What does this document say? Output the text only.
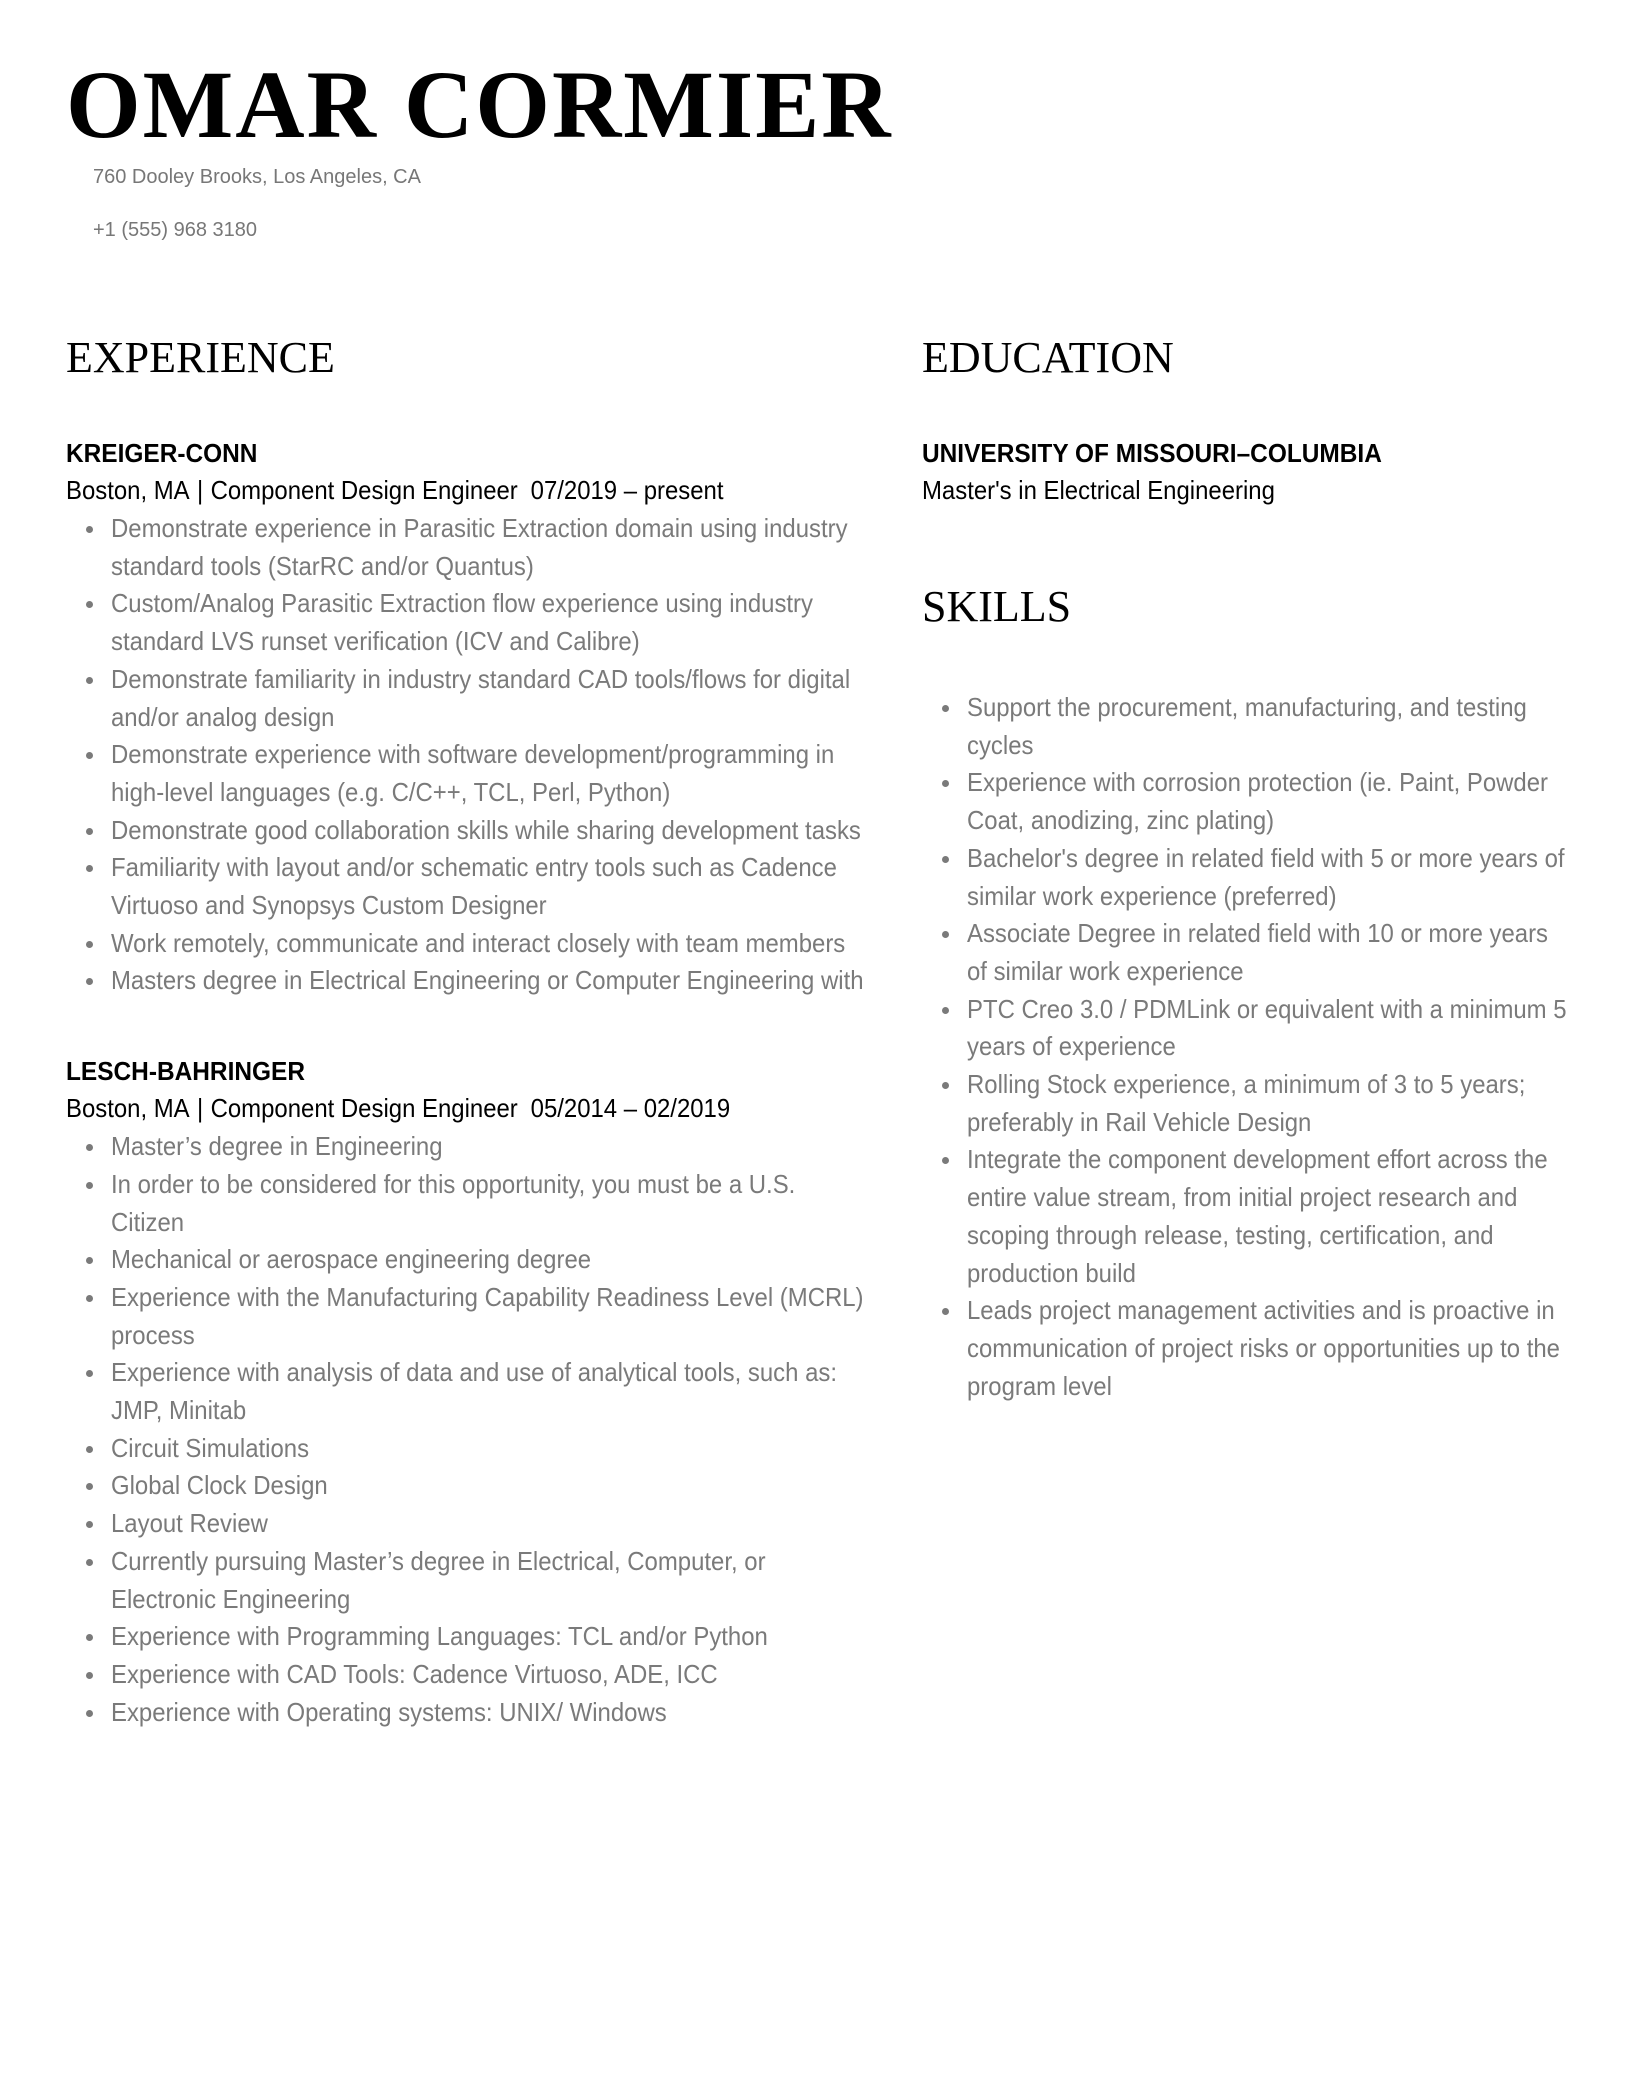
OMAR CORMIER

760 Dooley Brooks, Los Angeles, CA

+1 (555) 968 3180

EXPERIENCE

KREIGER-CONN

Boston, MA | Component Design Engineer 07/2019 – present

Demonstrate experience in Parasitic Extraction domain using industry
standard tools (StarRC and/or Quantus)
Custom/Analog Parasitic Extraction flow experience using industry
standard LVS runset verification (ICV and Calibre)
Demonstrate familiarity in industry standard CAD tools/flows for digital
and/or analog design
Demonstrate experience with software development/programming in
high-level languages (e.g. C/C++, TCL, Perl, Python)
Demonstrate good collaboration skills while sharing development tasks
Familiarity with layout and/or schematic entry tools such as Cadence
Virtuoso and Synopsys Custom Designer
Work remotely, communicate and interact closely with team members
Masters degree in Electrical Engineering or Computer Engineering with

LESCH-BAHRINGER

Boston, MA | Component Design Engineer 05/2014 – 02/2019

Master’s degree in Engineering
In order to be considered for this opportunity, you must be a U.S.
Citizen
Mechanical or aerospace engineering degree
Experience with the Manufacturing Capability Readiness Level (MCRL)
process
Experience with analysis of data and use of analytical tools, such as:
JMP, Minitab
Circuit Simulations
Global Clock Design
Layout Review
Currently pursuing Master’s degree in Electrical, Computer, or
Electronic Engineering
Experience with Programming Languages: TCL and/or Python
Experience with CAD Tools: Cadence Virtuoso, ADE, ICC
Experience with Operating systems: UNIX/ Windows
EDUCATION

UNIVERSITY OF MISSOURI–COLUMBIA

Master's in Electrical Engineering

SKILLS
Support the procurement, manufacturing, and testing
cycles
Experience with corrosion protection (ie. Paint, Powder
Coat, anodizing, zinc plating)
Bachelor's degree in related field with 5 or more years of
similar work experience (preferred)
Associate Degree in related field with 10 or more years
of similar work experience
PTC Creo 3.0 / PDMLink or equivalent with a minimum 5
years of experience
Rolling Stock experience, a minimum of 3 to 5 years;
preferably in Rail Vehicle Design
Integrate the component development effort across the
entire value stream, from initial project research and
scoping through release, testing, certification, and
production build
Leads project management activities and is proactive in
communication of project risks or opportunities up to the
program level
